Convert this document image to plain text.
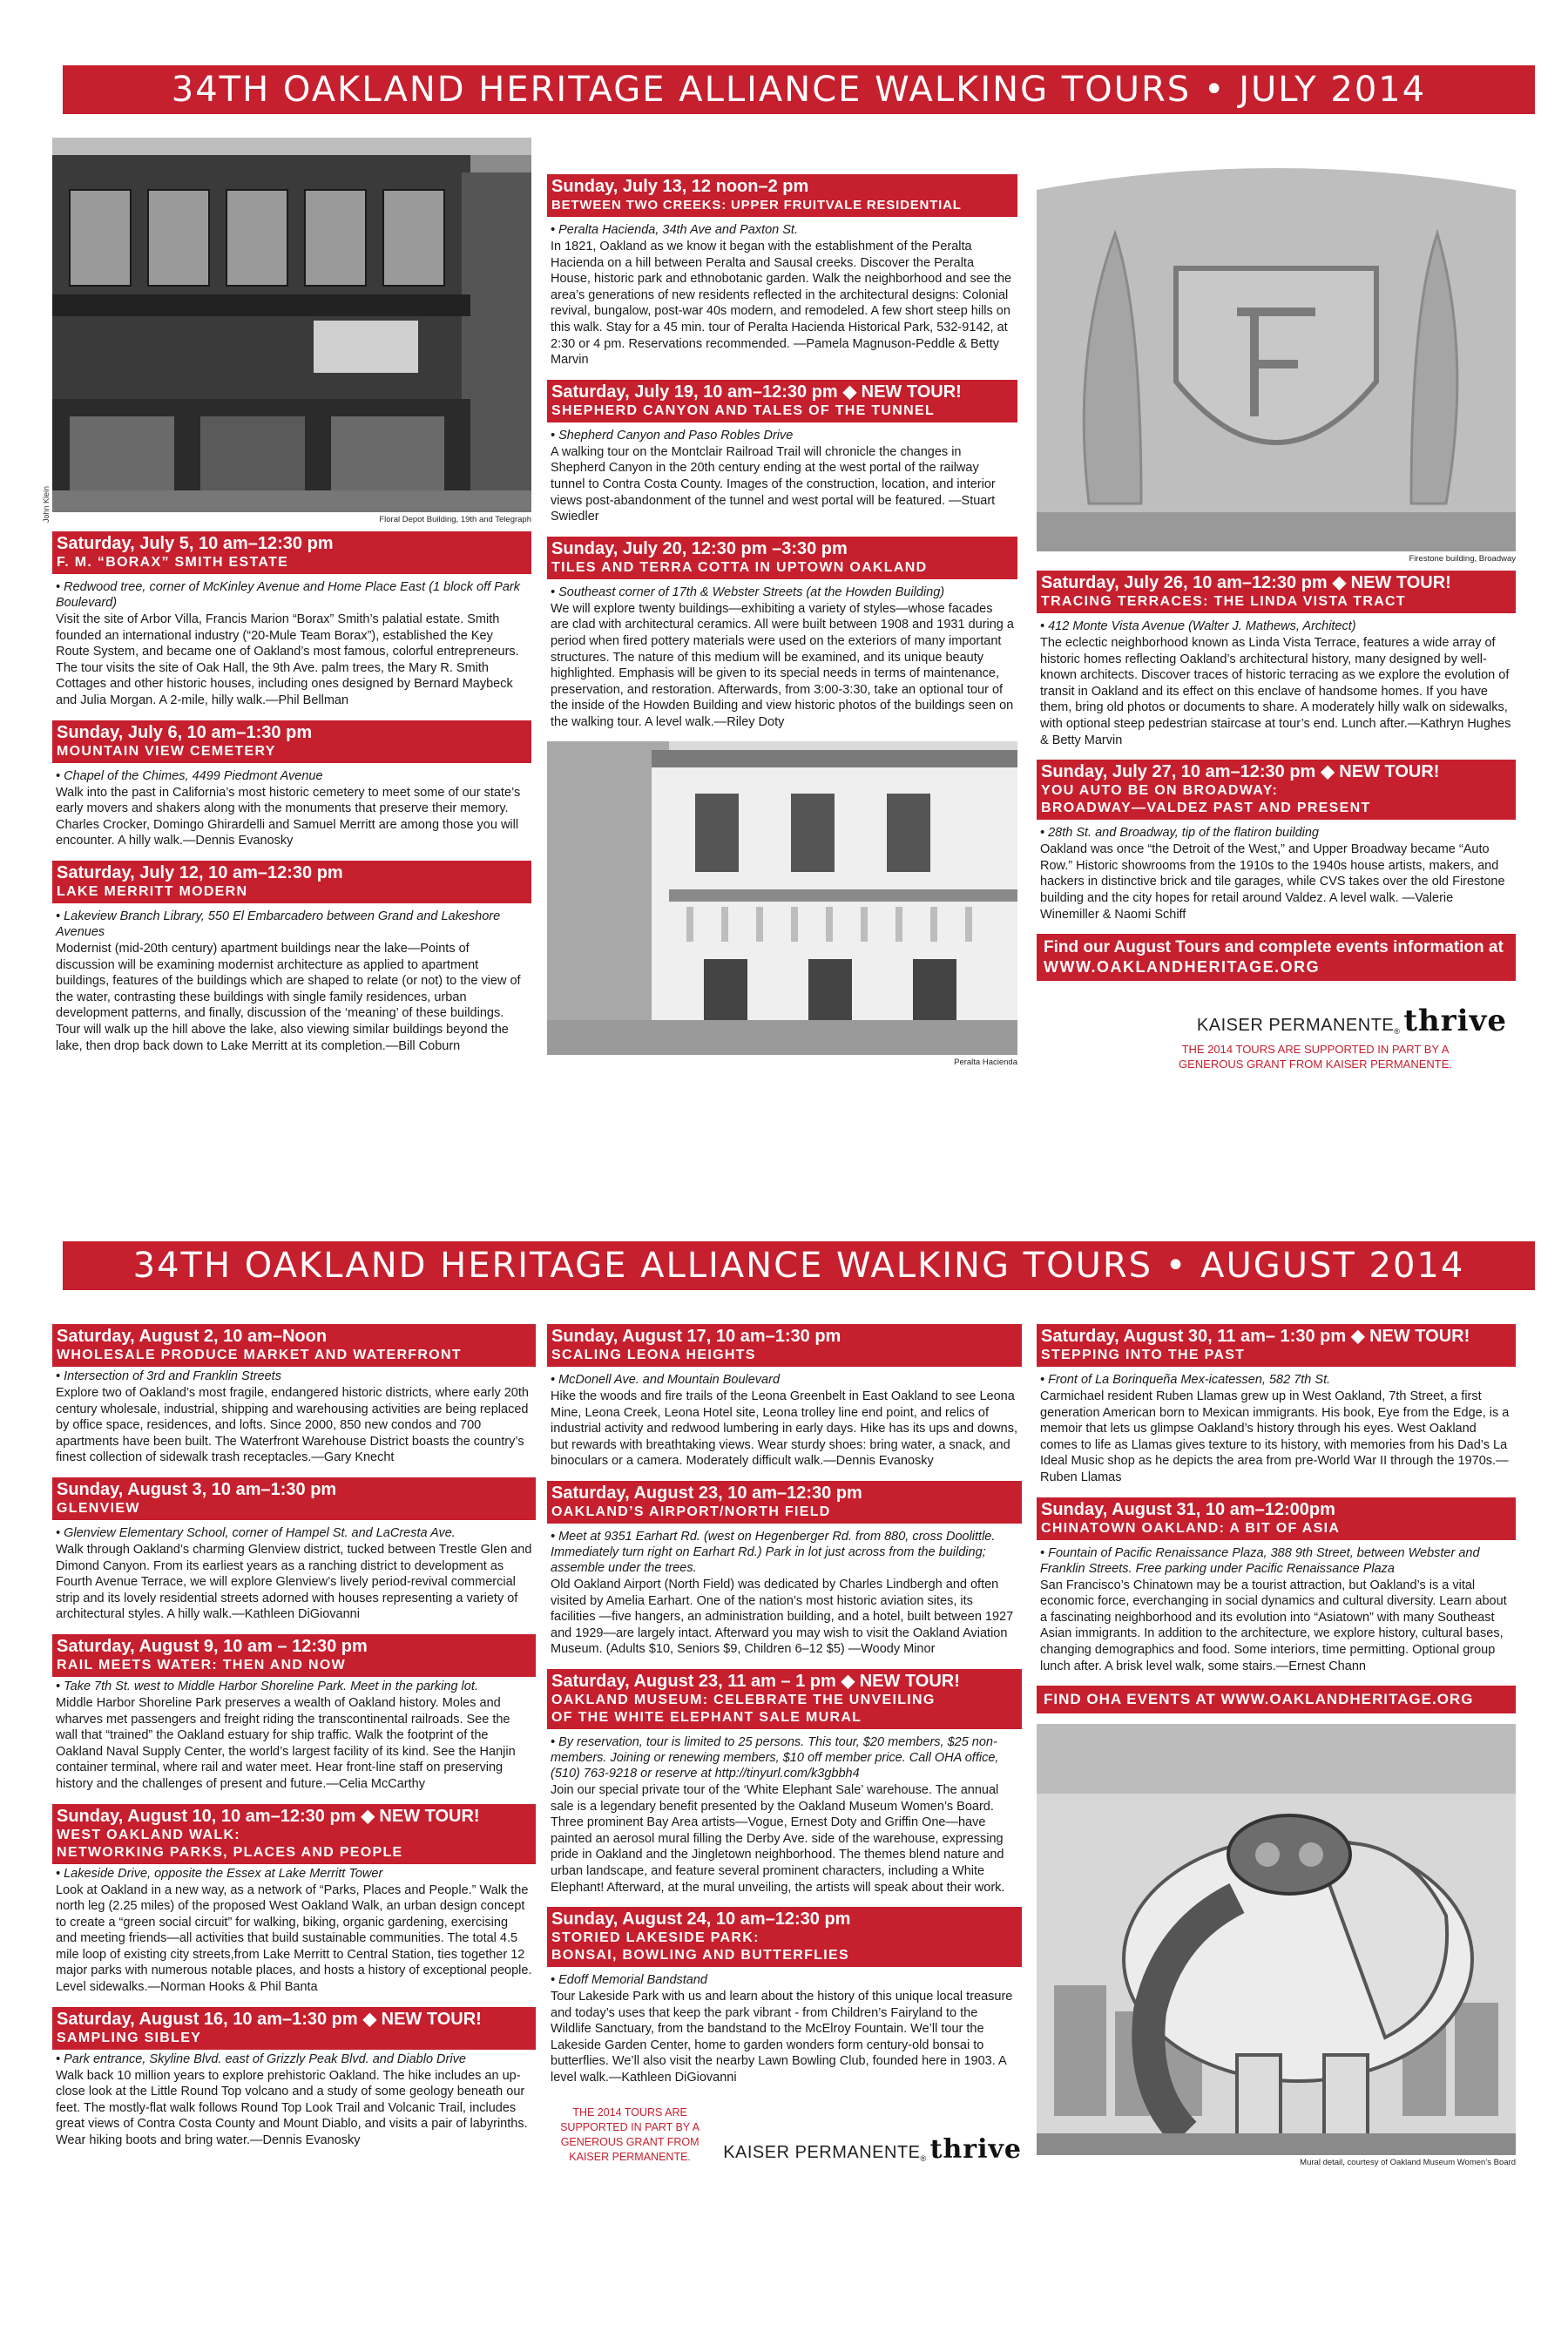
34TH OAKLAND HERITAGE ALLIANCE WALKING TOURS • JULY 2014
Floral Depot Building, 19th and Telegraph
Saturday, July 5, 10 am–12:30 pm
F. M. “BORAX” SMITH ESTATE
• Redwood tree, corner of McKinley Avenue and Home Place East (1 block off Park Boulevard)
Visit the site of Arbor Villa, Francis Marion “Borax” Smith’s palatial estate. Smith founded an international industry (“20-Mule Team Borax”), established the Key Route System, and became one of Oakland’s most famous, colorful entrepreneurs. The tour visits the site of Oak Hall, the 9th Ave. palm trees, the Mary R. Smith Cottages and other historic houses, including ones designed by Bernard Maybeck and Julia Morgan. A 2-mile, hilly walk.—Phil Bellman
Sunday, July 6, 10 am–1:30 pm
MOUNTAIN VIEW CEMETERY
• Chapel of the Chimes, 4499 Piedmont Avenue
Walk into the past in California’s most historic cemetery to meet some of our state’s early movers and shakers along with the monuments that preserve their memory. Charles Crocker, Domingo Ghirardelli and Samuel Merritt are among those you will encounter. A hilly walk.—Dennis Evanosky
Saturday, July 12, 10 am–12:30 pm
LAKE MERRITT MODERN
• Lakeview Branch Library, 550 El Embarcadero between Grand and Lakeshore Avenues
Modernist (mid-20th century) apartment buildings near the lake—Points of discussion will be examining modernist architecture as applied to apartment buildings, features of the buildings which are shaped to relate (or not) to the view of the water, contrasting these buildings with single family residences, urban development patterns, and finally, discussion of the ‘meaning’ of these buildings. Tour will walk up the hill above the lake, also viewing similar buildings beyond the lake, then drop back down to Lake Merritt at its completion.—Bill Coburn
John Klein
Sunday, July 13, 12 noon–2 pm
BETWEEN TWO CREEKS: UPPER FRUITVALE RESIDENTIAL
• Peralta Hacienda, 34th Ave and Paxton St.
In 1821, Oakland as we know it began with the establishment of the Peralta Hacienda on a hill between Peralta and Sausal creeks. Discover the Peralta House, historic park and ethnobotanic garden. Walk the neighborhood and see the area’s generations of new residents reflected in the architectural designs: Colonial revival, bungalow, post-war 40s modern, and remodeled. A few short steep hills on this walk. Stay for a 45 min. tour of Peralta Hacienda Historical Park, 532-9142, at 2:30 or 4 pm. Reservations recommended. —Pamela Magnuson-Peddle & Betty Marvin
Saturday, July 19, 10 am–12:30 pm ◆ NEW TOUR!
SHEPHERD CANYON AND TALES OF THE TUNNEL
• Shepherd Canyon and Paso Robles Drive
A walking tour on the Montclair Railroad Trail will chronicle the changes in Shepherd Canyon in the 20th century ending at the west portal of the railway tunnel to Contra Costa County. Images of the construction, location, and interior views post-abandonment of the tunnel and west portal will be featured. —Stuart Swiedler
Sunday, July 20, 12:30 pm –3:30 pm
TILES AND TERRA COTTA IN UPTOWN OAKLAND
• Southeast corner of 17th & Webster Streets (at the Howden Building)
We will explore twenty buildings—exhibiting a variety of styles—whose facades are clad with architectural ceramics. All were built between 1908 and 1931 during a period when fired pottery materials were used on the exteriors of many important structures. The nature of this medium will be examined, and its unique beauty highlighted. Emphasis will be given to its special needs in terms of maintenance, preservation, and restoration. Afterwards, from 3:00-3:30, take an optional tour of the inside of the Howden Building and view historic photos of the buildings seen on the walking tour. A level walk.—Riley Doty
Peralta Hacienda
Firestone building, Broadway
Saturday, July 26, 10 am–12:30 pm ◆ NEW TOUR!
TRACING TERRACES: THE LINDA VISTA TRACT
• 412 Monte Vista Avenue (Walter J. Mathews, Architect)
The eclectic neighborhood known as Linda Vista Terrace, features a wide array of historic homes reflecting Oakland’s architectural history, many designed by well-known architects. Discover traces of historic terracing as we explore the evolution of transit in Oakland and its effect on this enclave of handsome homes. If you have them, bring old photos or documents to share. A moderately hilly walk on sidewalks, with optional steep pedestrian staircase at tour’s end. Lunch after.—Kathryn Hughes & Betty Marvin
Sunday, July 27, 10 am–12:30 pm ◆ NEW TOUR!
YOU AUTO BE ON BROADWAY:
BROADWAY—VALDEZ PAST AND PRESENT
• 28th St. and Broadway, tip of the flatiron building
Oakland was once “the Detroit of the West,” and Upper Broadway became “Auto Row.” Historic showrooms from the 1910s to the 1940s house artists, makers, and hackers in distinctive brick and tile garages, while CVS takes over the old Firestone building and the city hopes for retail around Valdez. A level walk. —Valerie Winemiller & Naomi Schiff
Find our August Tours and complete events information at
WWW.OAKLANDHERITAGE.ORG
KAISER $PERMANENTE_®$ thrive
THE 2014 TOURS ARE SUPPORTED IN PART BY A GENEROUS GRANT FROM KAISER PERMANENTE.
34TH OAKLAND HERITAGE ALLIANCE WALKING TOURS • AUGUST 2014
Saturday, August 2, 10 am–Noon
WHOLESALE PRODUCE MARKET AND WATERFRONT
• Intersection of 3rd and Franklin Streets
Explore two of Oakland’s most fragile, endangered historic districts, where early 20th century wholesale, industrial, shipping and warehousing activities are being replaced by office space, residences, and lofts. Since 2000, 850 new condos and 700 apartments have been built. The Waterfront Warehouse District boasts the country’s finest collection of sidewalk trash receptacles.—Gary Knecht
Sunday, August 3, 10 am–1:30 pm
GLENVIEW
• Glenview Elementary School, corner of Hampel St. and LaCresta Ave.
Walk through Oakland’s charming Glenview district, tucked between Trestle Glen and Dimond Canyon. From its earliest years as a ranching district to development as Fourth Avenue Terrace, we will explore Glenview’s lively period-revival commercial strip and its lovely residential streets adorned with houses representing a variety of architectural styles. A hilly walk.—Kathleen DiGiovanni
Saturday, August 9, 10 am – 12:30 pm
RAIL MEETS WATER: THEN AND NOW
• Take 7th St. west to Middle Harbor Shoreline Park. Meet in the parking lot.
Middle Harbor Shoreline Park preserves a wealth of Oakland history. Moles and wharves met passengers and freight riding the transcontinental railroads. See the wall that “trained” the Oakland estuary for ship traffic. Walk the footprint of the Oakland Naval Supply Center, the world’s largest facility of its kind. See the Hanjin container terminal, where rail and water meet. Hear front-line staff on preserving history and the challenges of present and future.—Celia McCarthy
Sunday, August 10, 10 am–12:30 pm ◆ NEW TOUR!
WEST OAKLAND WALK:
NETWORKING PARKS, PLACES AND PEOPLE
• Lakeside Drive, opposite the Essex at Lake Merritt Tower
Look at Oakland in a new way, as a network of “Parks, Places and People.” Walk the north leg (2.25 miles) of the proposed West Oakland Walk, an urban design concept to create a “green social circuit” for walking, biking, organic gardening, exercising and meeting friends—all activities that build sustainable communities. The total 4.5 mile loop of existing city streets,from Lake Merritt to Central Station, ties together 12 major parks with numerous notable places, and hosts a history of exceptional people. Level sidewalks.—Norman Hooks & Phil Banta
Saturday, August 16, 10 am–1:30 pm ◆ NEW TOUR!
SAMPLING SIBLEY
• Park entrance, Skyline Blvd. east of Grizzly Peak Blvd. and Diablo Drive
Walk back 10 million years to explore prehistoric Oakland. The hike includes an up-close look at the Little Round Top volcano and a study of some geology beneath our feet. The mostly-flat walk follows Round Top Look Trail and Volcanic Trail, includes great views of Contra Costa County and Mount Diablo, and visits a pair of labyrinths. Wear hiking boots and bring water.—Dennis Evanosky
Sunday, August 17, 10 am–1:30 pm
SCALING LEONA HEIGHTS
• McDonell Ave. and Mountain Boulevard
Hike the woods and fire trails of the Leona Greenbelt in East Oakland to see Leona Mine, Leona Creek, Leona Hotel site, Leona trolley line end point, and relics of industrial activity and redwood lumbering in early days. Hike has its ups and downs, but rewards with breathtaking views. Wear sturdy shoes: bring water, a snack, and binoculars or a camera. Moderately difficult walk.—Dennis Evanosky
Saturday, August 23, 10 am–12:30 pm
OAKLAND’S AIRPORT/NORTH FIELD
• Meet at 9351 Earhart Rd. (west on Hegenberger Rd. from 880, cross Doolittle. Immediately turn right on Earhart Rd.) Park in lot just across from the building; assemble under the trees.
Old Oakland Airport (North Field) was dedicated by Charles Lindbergh and often visited by Amelia Earhart. One of the nation’s most historic aviation sites, its facilities —five hangers, an administration building, and a hotel, built between 1927 and 1929—are largely intact. Afterward you may wish to visit the Oakland Aviation Museum. (Adults $10, Seniors $9, Children 6–12 $5) —Woody Minor
Saturday, August 23, 11 am – 1 pm ◆ NEW TOUR!
OAKLAND MUSEUM: CELEBRATE THE UNVEILING
OF THE WHITE ELEPHANT SALE MURAL
• By reservation, tour is limited to 25 persons. This tour, $20 members, $25 non-members. Joining or renewing members, $10 off member price. Call OHA office, (510) 763-9218 or reserve at http://tinyurl.com/k3gbbh4
Join our special private tour of the ‘White Elephant Sale’ warehouse. The annual sale is a legendary benefit presented by the Oakland Museum Women’s Board. Three prominent Bay Area artists—Vogue, Ernest Doty and Griffin One—have painted an aerosol mural filling the Derby Ave. side of the warehouse, expressing pride in Oakland and the Jingletown neighborhood. The themes blend nature and urban landscape, and feature several prominent characters, including a White Elephant! Afterward, at the mural unveiling, the artists will speak about their work.
Sunday, August 24, 10 am–12:30 pm
STORIED LAKESIDE PARK:
BONSAI, BOWLING AND BUTTERFLIES
• Edoff Memorial Bandstand
Tour Lakeside Park with us and learn about the history of this unique local treasure and today’s uses that keep the park vibrant - from Children’s Fairyland to the Wildlife Sanctuary, from the bandstand to the McElroy Fountain. We’ll tour the Lakeside Garden Center, home to garden wonders form century-old bonsai to butterflies. We’ll also visit the nearby Lawn Bowling Club, founded here in 1903. A level walk.—Kathleen DiGiovanni
THE 2014 TOURS ARE SUPPORTED IN PART BY A GENEROUS GRANT FROM KAISER PERMANENTE.	KAISER $PERMANENTE_®$ thrive
Saturday, August 30, 11 am– 1:30 pm ◆ NEW TOUR!
STEPPING INTO THE PAST
• Front of La Borinqueña Mex-icatessen, 582 7th St.
Carmichael resident Ruben Llamas grew up in West Oakland, 7th Street, a first generation American born to Mexican immigrants. His book, Eye from the Edge, is a memoir that lets us glimpse Oakland’s history through his eyes. West Oakland comes to life as Llamas gives texture to its history, with memories from his Dad’s La Ideal Music shop as he depicts the area from pre-World War II through the 1970s.—Ruben Llamas
Sunday, August 31, 10 am–12:00pm
CHINATOWN OAKLAND: A BIT OF ASIA
• Fountain of Pacific Renaissance Plaza, 388 9th Street, between Webster and Franklin Streets. Free parking under Pacific Renaissance Plaza
San Francisco’s Chinatown may be a tourist attraction, but Oakland’s is a vital economic force, everchanging in social dynamics and cultural diversity. Learn about a fascinating neighborhood and its evolution into “Asiatown” with many Southeast Asian immigrants. In addition to the architecture, we explore history, cultural bases, changing demographics and food. Some interiors, time permitting. Optional group lunch after. A brisk level walk, some stairs.—Ernest Chann
FIND OHA EVENTS AT WWW.OAKLANDHERITAGE.ORG
Mural detail, courtesy of Oakland Museum Women’s Board
